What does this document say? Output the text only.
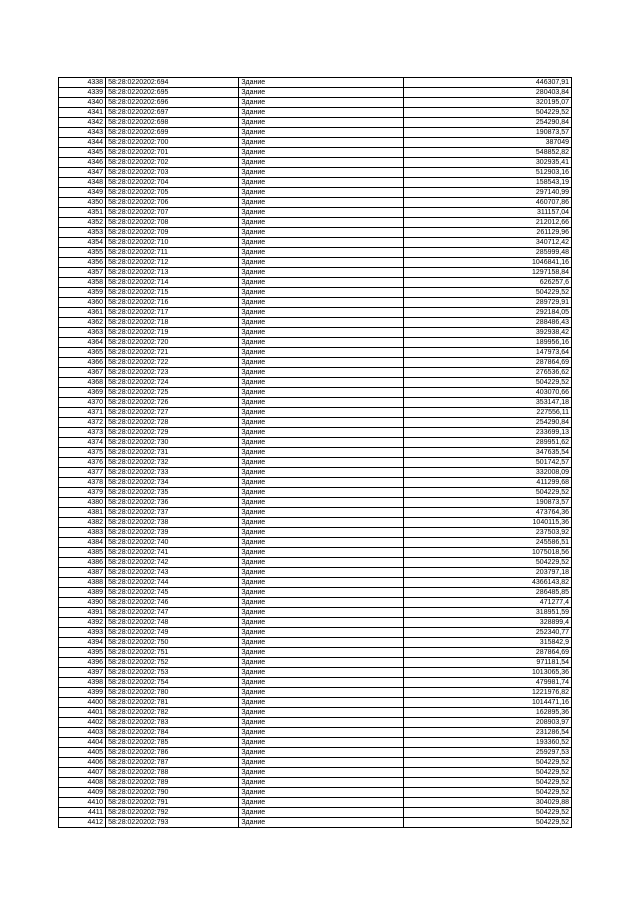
4338	58:28:0220202:694	Здание	446307,91
4339	58:28:0220202:695	Здание	280403,84
4340	58:28:0220202:696	Здание	320195,07
4341	58:28:0220202:697	Здание	504229,52
4342	58:28:0220202:698	Здание	254290,84
4343	58:28:0220202:699	Здание	190873,57
4344	58:28:0220202:700	Здание	387049
4345	58:28:0220202:701	Здание	548852,82
4346	58:28:0220202:702	Здание	302935,41
4347	58:28:0220202:703	Здание	512903,16
4348	58:28:0220202:704	Здание	158543,19
4349	58:28:0220202:705	Здание	297140,99
4350	58:28:0220202:706	Здание	460707,86
4351	58:28:0220202:707	Здание	311157,04
4352	58:28:0220202:708	Здание	212012,66
4353	58:28:0220202:709	Здание	261129,96
4354	58:28:0220202:710	Здание	340712,42
4355	58:28:0220202:711	Здание	285999,48
4356	58:28:0220202:712	Здание	1046841,16
4357	58:28:0220202:713	Здание	1297158,84
4358	58:28:0220202:714	Здание	626257,6
4359	58:28:0220202:715	Здание	504229,52
4360	58:28:0220202:716	Здание	289729,91
4361	58:28:0220202:717	Здание	292184,05
4362	58:28:0220202:718	Здание	288486,43
4363	58:28:0220202:719	Здание	392938,42
4364	58:28:0220202:720	Здание	189956,16
4365	58:28:0220202:721	Здание	147973,64
4366	58:28:0220202:722	Здание	287864,69
4367	58:28:0220202:723	Здание	276536,62
4368	58:28:0220202:724	Здание	504229,52
4369	58:28:0220202:725	Здание	403070,66
4370	58:28:0220202:726	Здание	353147,18
4371	58:28:0220202:727	Здание	227556,11
4372	58:28:0220202:728	Здание	254290,84
4373	58:28:0220202:729	Здание	233699,13
4374	58:28:0220202:730	Здание	289951,62
4375	58:28:0220202:731	Здание	347635,54
4376	58:28:0220202:732	Здание	501742,57
4377	58:28:0220202:733	Здание	332008,09
4378	58:28:0220202:734	Здание	411299,68
4379	58:28:0220202:735	Здание	504229,52
4380	58:28:0220202:736	Здание	190873,57
4381	58:28:0220202:737	Здание	473764,36
4382	58:28:0220202:738	Здание	1040115,36
4383	58:28:0220202:739	Здание	237503,92
4384	58:28:0220202:740	Здание	245586,51
4385	58:28:0220202:741	Здание	1075018,56
4386	58:28:0220202:742	Здание	504229,52
4387	58:28:0220202:743	Здание	203797,18
4388	58:28:0220202:744	Здание	4366143,82
4389	58:28:0220202:745	Здание	286485,85
4390	58:28:0220202:746	Здание	471277,4
4391	58:28:0220202:747	Здание	318951,59
4392	58:28:0220202:748	Здание	328899,4
4393	58:28:0220202:749	Здание	252340,77
4394	58:28:0220202:750	Здание	315842,9
4395	58:28:0220202:751	Здание	287864,69
4396	58:28:0220202:752	Здание	971181,54
4397	58:28:0220202:753	Здание	1013065,36
4398	58:28:0220202:754	Здание	479981,74
4399	58:28:0220202:780	Здание	1221976,82
4400	58:28:0220202:781	Здание	1014471,16
4401	58:28:0220202:782	Здание	162895,36
4402	58:28:0220202:783	Здание	208903,97
4403	58:28:0220202:784	Здание	231286,54
4404	58:28:0220202:785	Здание	193360,52
4405	58:28:0220202:786	Здание	259297,53
4406	58:28:0220202:787	Здание	504229,52
4407	58:28:0220202:788	Здание	504229,52
4408	58:28:0220202:789	Здание	504229,52
4409	58:28:0220202:790	Здание	504229,52
4410	58:28:0220202:791	Здание	304029,88
4411	58:28:0220202:792	Здание	504229,52
4412	58:28:0220202:793	Здание	504229,52
